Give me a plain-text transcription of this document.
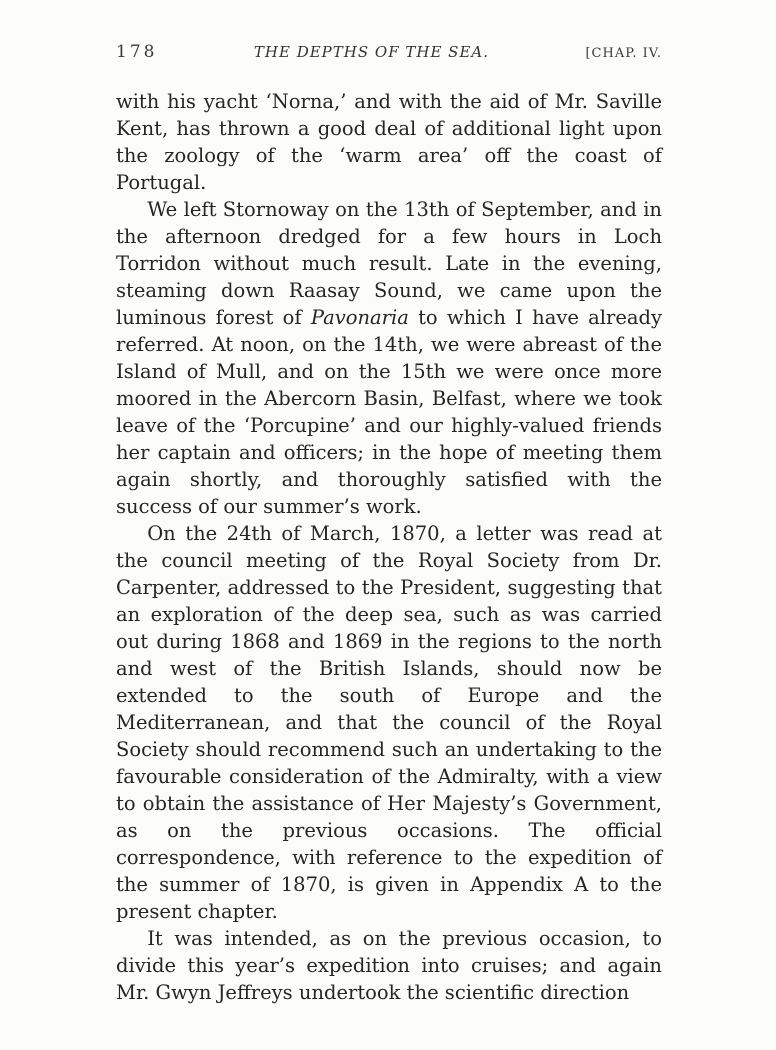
178	THE DEPTHS OF THE SEA.	[CHAP. IV.

with his yacht ‘Norna,’ and with the aid of Mr. Saville Kent, has thrown a good deal of additional light upon the zoology of the ‘warm area’ off the coast of Portugal.

We left Stornoway on the 13th of September, and in the afternoon dredged for a few hours in Loch Torridon without much result. Late in the evening, steaming down Raasay Sound, we came upon the luminous forest of Pavonaria to which I have already referred. At noon, on the 14th, we were abreast of the Island of Mull, and on the 15th we were once more moored in the Abercorn Basin, Belfast, where we took leave of the ‘Porcupine’ and our highly-valued friends her captain and officers; in the hope of meeting them again shortly, and thoroughly satisfied with the success of our summer’s work.

On the 24th of March, 1870, a letter was read at the council meeting of the Royal Society from Dr. Carpenter, addressed to the President, suggesting that an exploration of the deep sea, such as was carried out during 1868 and 1869 in the regions to the north and west of the British Islands, should now be extended to the south of Europe and the Mediterranean, and that the council of the Royal Society should recommend such an undertaking to the favourable consideration of the Admiralty, with a view to obtain the assistance of Her Majesty’s Government, as on the previous occasions. The official correspondence, with reference to the expedition of the summer of 1870, is given in Appendix A to the present chapter.

It was intended, as on the previous occasion, to divide this year’s expedition into cruises; and again Mr. Gwyn Jeffreys undertook the scientific direction
